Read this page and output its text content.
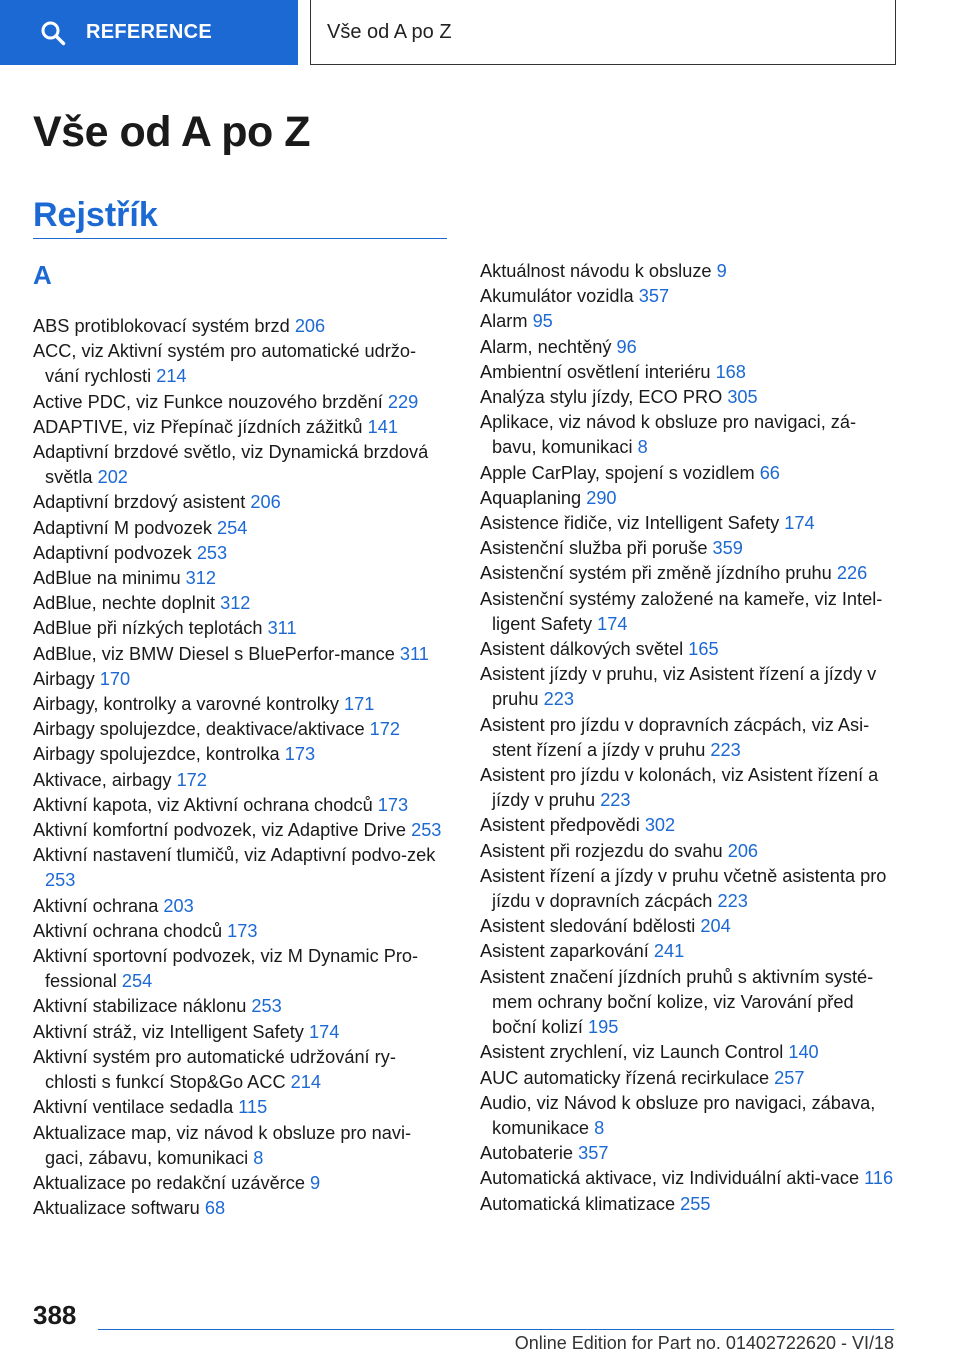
REFERENCE	Vše od A po Z
Vše od A po Z
Rejstřík
A
ABS protiblokovací systém brzd 206
ACC, viz Aktivní systém pro automatické udržo-vání rychlosti 214
Active PDC, viz Funkce nouzového brzdění 229
ADAPTIVE, viz Přepínač jízdních zážitků 141
Adaptivní brzdové světlo, viz Dynamická brzdová světla 202
Adaptivní brzdový asistent 206
Adaptivní M podvozek 254
Adaptivní podvozek 253
AdBlue na minimu 312
AdBlue, nechte doplnit 312
AdBlue při nízkých teplotách 311
AdBlue, viz BMW Diesel s BluePerfor-mance 311
Airbagy 170
Airbagy, kontrolky a varovné kontrolky 171
Airbagy spolujezdce, deaktivace/aktivace 172
Airbagy spolujezdce, kontrolka 173
Aktivace, airbagy 172
Aktivní kapota, viz Aktivní ochrana chodců 173
Aktivní komfortní podvozek, viz Adaptive Drive 253
Aktivní nastavení tlumičů, viz Adaptivní podvo-zek 253
Aktivní ochrana 203
Aktivní ochrana chodců 173
Aktivní sportovní podvozek, viz M Dynamic Pro-fessional 254
Aktivní stabilizace náklonu 253
Aktivní stráž, viz Intelligent Safety 174
Aktivní systém pro automatické udržování ry-chlosti s funkcí Stop&Go ACC 214
Aktivní ventilace sedadla 115
Aktualizace map, viz návod k obsluze pro navi-gaci, zábavu, komunikaci 8
Aktualizace po redakční uzávěrce 9
Aktualizace softwaru 68
Aktuálnost návodu k obsluze 9
Akumulátor vozidla 357
Alarm 95
Alarm, nechtěný 96
Ambientní osvětlení interiéru 168
Analýza stylu jízdy, ECO PRO 305
Aplikace, viz návod k obsluze pro navigaci, zá-bavu, komunikaci 8
Apple CarPlay, spojení s vozidlem 66
Aquaplaning 290
Asistence řidiče, viz Intelligent Safety 174
Asistenční služba při poruše 359
Asistenční systém při změně jízdního pruhu 226
Asistenční systémy založené na kameře, viz Intel-ligent Safety 174
Asistent dálkových světel 165
Asistent jízdy v pruhu, viz Asistent řízení a jízdy v pruhu 223
Asistent pro jízdu v dopravních zácpách, viz Asi-stent řízení a jízdy v pruhu 223
Asistent pro jízdu v kolonách, viz Asistent řízení a jízdy v pruhu 223
Asistent předpovědi 302
Asistent při rozjezdu do svahu 206
Asistent řízení a jízdy v pruhu včetně asistenta pro jízdu v dopravních zácpách 223
Asistent sledování bdělosti 204
Asistent zaparkování 241
Asistent značení jízdních pruhů s aktivním systé-mem ochrany boční kolize, viz Varování před boční kolizí 195
Asistent zrychlení, viz Launch Control 140
AUC automaticky řízená recirkulace 257
Audio, viz Návod k obsluze pro navigaci, zábava, komunikace 8
Autobaterie 357
Automatická aktivace, viz Individuální akti-vace 116
Automatická klimatizace 255
388
Online Edition for Part no. 01402722620 - VI/18
